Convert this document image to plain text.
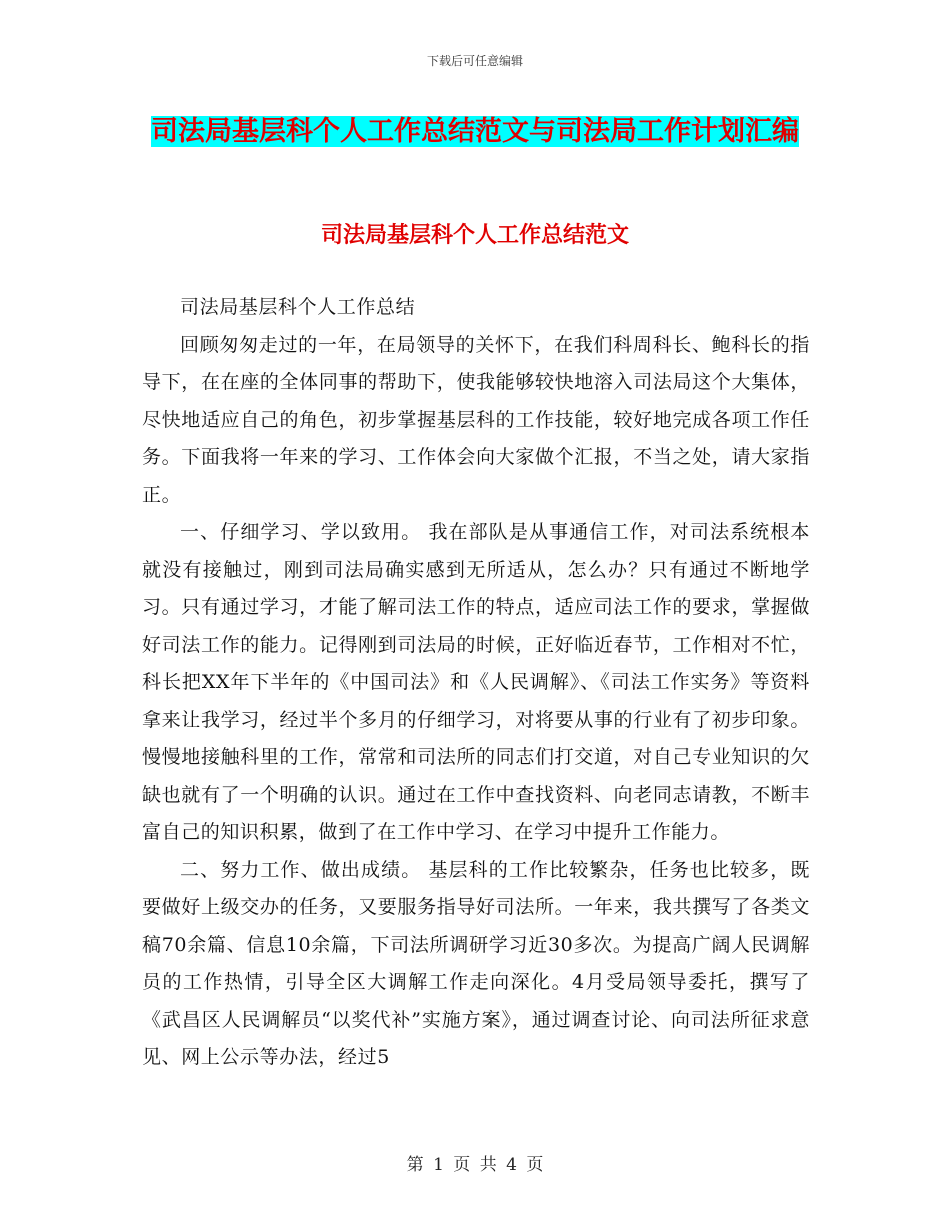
下载后可任意编辑
司法局基层科个人工作总结范文与司法局工作计划汇编
司法局基层科个人工作总结范文

司法局基层科个人工作总结

回顾匆匆走过的一年，在局领导的关怀下，在我们科周科长、鲍科长的指导下，在在座的全体同事的帮助下，使我能够较快地溶入司法局这个大集体，尽快地适应自己的角色，初步掌握基层科的工作技能，较好地完成各项工作任务。下面我将一年来的学习、工作体会向大家做个汇报，不当之处，请大家指正。

一、仔细学习、学以致用。 我在部队是从事通信工作，对司法系统根本就没有接触过，刚到司法局确实感到无所适从，怎么办？只有通过不断地学习。只有通过学习，才能了解司法工作的特点，适应司法工作的要求，掌握做好司法工作的能力。记得刚到司法局的时候，正好临近春节，工作相对不忙，科长把XX年下半年的《中国司法》和《人民调解》、《司法工作实务》等资料拿来让我学习，经过半个多月的仔细学习，对将要从事的行业有了初步印象。慢慢地接触科里的工作，常常和司法所的同志们打交道，对自己专业知识的欠缺也就有了一个明确的认识。通过在工作中查找资料、向老同志请教，不断丰富自己的知识积累，做到了在工作中学习、在学习中提升工作能力。

二、努力工作、做出成绩。 基层科的工作比较繁杂，任务也比较多，既要做好上级交办的任务，又要服务指导好司法所。一年来，我共撰写了各类文稿70余篇、信息10余篇，下司法所调研学习近30多次。为提高广阔人民调解员的工作热情，引导全区大调解工作走向深化。4月受局领导委托，撰写了《武昌区人民调解员“以奖代补”实施方案》，通过调查讨论、向司法所征求意见、网上公示等办法，经过5

第 1 页 共 4 页
